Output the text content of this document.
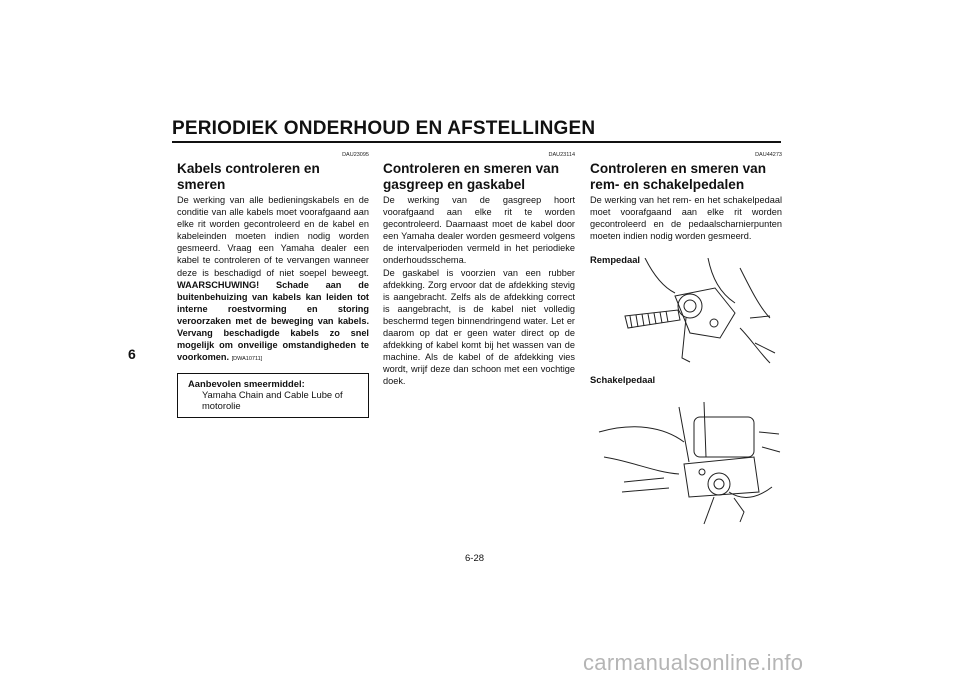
PERIODIEK ONDERHOUD EN AFSTELLINGEN
6
DAU23095
Kabels controleren en smeren

De werking van alle bedieningskabels en de conditie van alle kabels moet voorafgaand aan elke rit worden gecontroleerd en de kabel en kabeleinden moeten indien nodig worden gesmeerd. Vraag een Yamaha dealer een kabel te controleren of te vervangen wanneer deze is beschadigd of niet soepel beweegt. WAARSCHUWING! Schade aan de buitenbehuizing van kabels kan leiden tot interne roestvorming en storing veroorzaken met de beweging van kabels. Vervang beschadigde kabels zo snel mogelijk om onveilige omstandigheden te voorkomen. [DWA10711]

Aanbevolen smeermiddel:
Yamaha Chain and Cable Lube of motorolie
DAU23114
Controleren en smeren van gasgreep en gaskabel

De werking van de gasgreep hoort voorafgaand aan elke rit te worden gecontroleerd. Daarnaast moet de kabel door een Yamaha dealer worden gesmeerd volgens de intervalperioden vermeld in het periodieke onderhoudsschema.

De gaskabel is voorzien van een rubber afdekking. Zorg ervoor dat de afdekking stevig is aangebracht. Zelfs als de afdekking correct is aangebracht, is de kabel niet volledig beschermd tegen binnendringend water. Let er daarom op dat er geen water direct op de afdekking of kabel komt bij het wassen van de machine. Als de kabel of de afdekking vies wordt, wrijf deze dan schoon met een vochtige doek.

DAU44273
Controleren en smeren van rem- en schakelpedalen

De werking van het rem- en het schakelpedaal moet voorafgaand aan elke rit worden gecontroleerd en de pedaalscharnierpunten moeten indien nodig worden gesmeerd.

Rempedaal

Schakelpedaal

6-28
carmanualsonline.info
